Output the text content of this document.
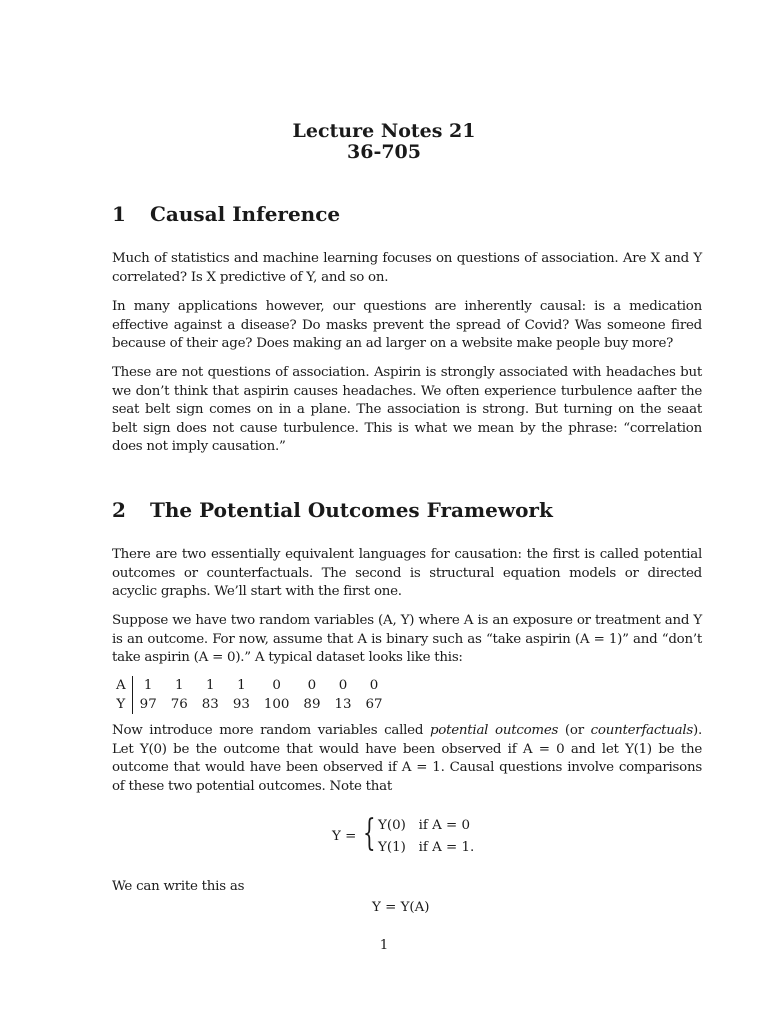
Lecture Notes 21
36-705
1 Causal Inference
Much of statistics and machine learning focuses on questions of association. Are X and Y correlated? Is X predictive of Y, and so on.
In many applications however, our questions are inherently causal: is a medication effective against a disease? Do masks prevent the spread of Covid? Was someone fired because of their age? Does making an ad larger on a website make people buy more?
These are not questions of association. Aspirin is strongly associated with headaches but we don’t think that aspirin causes headaches. We often experience turbulence aafter the seat belt sign comes on in a plane. The association is strong. But turning on the seaat belt sign does not cause turbulence. This is what we mean by the phrase: “correlation does not imply causation.”
2 The Potential Outcomes Framework
There are two essentially equivalent languages for causation: the first is called potential outcomes or counterfactuals. The second is structural equation models or directed acyclic graphs. We’ll start with the first one.
Suppose we have two random variables (A, Y) where A is an exposure or treatment and Y is an outcome. For now, assume that A is binary such as “take aspirin (A = 1)” and “don’t take aspirin (A = 0).” A typical dataset looks like this:
A	1	1	1	1	0	0	0	0
Y	97	76	83	93	100	89	13	67
Now introduce more random variables called potential outcomes (or counterfactuals). Let Y(0) be the outcome that would have been observed if A = 0 and let Y(1) be the outcome that would have been observed if A = 1. Causal questions involve comparisons of these two potential outcomes. Note that
Y = { Y(0)   if A = 0
Y(1)   if A = 1.
We can write this as
Y = Y(A)
1
